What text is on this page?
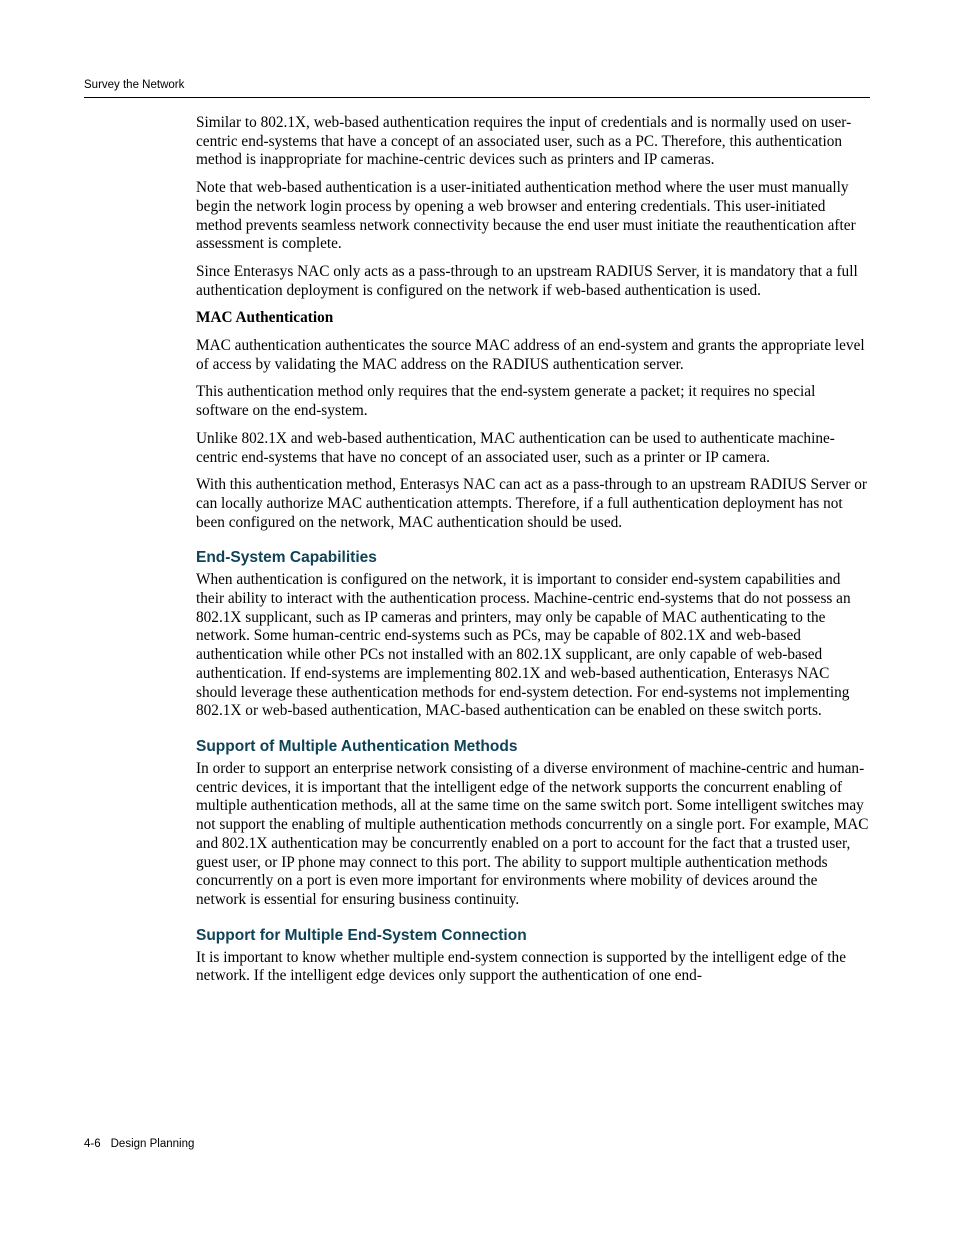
Survey the Network

Similar to 802.1X, web-based authentication requires the input of credentials and is normally used on user-centric end-systems that have a concept of an associated user, such as a PC. Therefore, this authentication method is inappropriate for machine-centric devices such as printers and IP cameras.

Note that web-based authentication is a user-initiated authentication method where the user must manually begin the network login process by opening a web browser and entering credentials. This user-initiated method prevents seamless network connectivity because the end user must initiate the reauthentication after assessment is complete.

Since Enterasys NAC only acts as a pass-through to an upstream RADIUS Server, it is mandatory that a full authentication deployment is configured on the network if web-based authentication is used.

MAC Authentication

MAC authentication authenticates the source MAC address of an end-system and grants the appropriate level of access by validating the MAC address on the RADIUS authentication server.

This authentication method only requires that the end-system generate a packet; it requires no special software on the end-system.

Unlike 802.1X and web-based authentication, MAC authentication can be used to authenticate machine-centric end-systems that have no concept of an associated user, such as a printer or IP camera.

With this authentication method, Enterasys NAC can act as a pass-through to an upstream RADIUS Server or can locally authorize MAC authentication attempts. Therefore, if a full authentication deployment has not been configured on the network, MAC authentication should be used.

End-System Capabilities

When authentication is configured on the network, it is important to consider end-system capabilities and their ability to interact with the authentication process. Machine-centric end-systems that do not possess an 802.1X supplicant, such as IP cameras and printers, may only be capable of MAC authenticating to the network. Some human-centric end-systems such as PCs, may be capable of 802.1X and web-based authentication while other PCs not installed with an 802.1X supplicant, are only capable of web-based authentication. If end-systems are implementing 802.1X and web-based authentication, Enterasys NAC should leverage these authentication methods for end-system detection. For end-systems not implementing 802.1X or web-based authentication, MAC-based authentication can be enabled on these switch ports.

Support of Multiple Authentication Methods

In order to support an enterprise network consisting of a diverse environment of machine-centric and human-centric devices, it is important that the intelligent edge of the network supports the concurrent enabling of multiple authentication methods, all at the same time on the same switch port. Some intelligent switches may not support the enabling of multiple authentication methods concurrently on a single port. For example, MAC and 802.1X authentication may be concurrently enabled on a port to account for the fact that a trusted user, guest user, or IP phone may connect to this port. The ability to support multiple authentication methods concurrently on a port is even more important for environments where mobility of devices around the network is essential for ensuring business continuity.

Support for Multiple End-System Connection

It is important to know whether multiple end-system connection is supported by the intelligent edge of the network. If the intelligent edge devices only support the authentication of one end-

4-6 Design Planning
